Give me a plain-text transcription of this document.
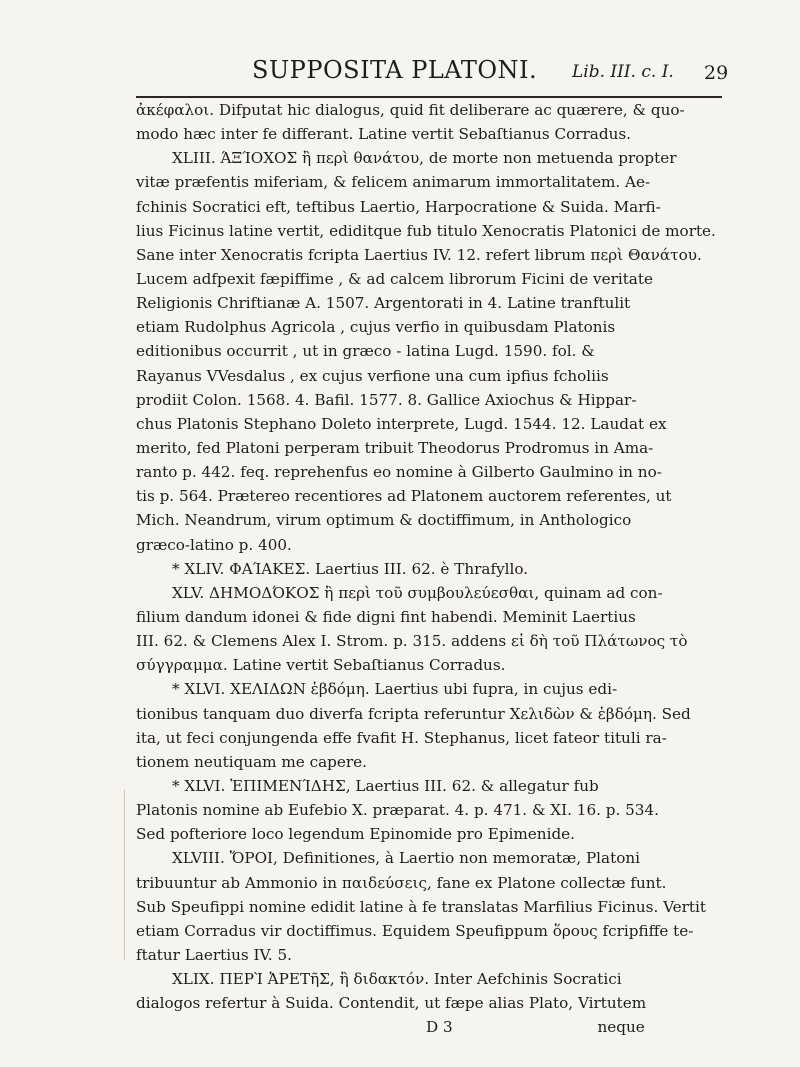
SUPPOSITA PLATONI. Lib. III. c. I. 29
ἀκέφαλοι. Difputat hic dialogus, quid fit deliberare ac quærere, & quo-
modo hæc inter fe differant. Latine vertit Sebaſtianus Corradus.
XLIII. ΆΞΊΟΧΟΣ ἢ περὶ θανάτου, de morte non metuenda propter
vitæ præfentis miferiam, & felicem animarum immortalitatem. Ae-
fchinis Socratici eft, teftibus Laertio, Harpocratione & Suida. Marfi-
lius Ficinus latine vertit, ediditque fub titulo Xenocratis Platonici de morte.
Sane inter Xenocratis fcripta Laertius IV. 12. refert librum περὶ Θανάτου.
Lucem adfpexit fæpiffime , & ad calcem librorum Ficini de veritate
Religionis Chriftianæ A. 1507. Argentorati in 4. Latine tranftulit
etiam Rudolphus Agricola , cujus verfio in quibusdam Platonis
editionibus occurrit , ut in græco - latina Lugd. 1590. fol. &
Rayanus VVesdalus , ex cujus verfione una cum ipfius fcholiis
prodiit Colon. 1568. 4. Bafil. 1577. 8. Gallice Axiochus & Hippar-
chus Platonis Stephano Doleto interprete, Lugd. 1544. 12. Laudat ex
merito, fed Platoni perperam tribuit Theodorus Prodromus in Ama-
ranto p. 442. feq. reprehenfus eo nomine à Gilberto Gaulmino in no-
tis p. 564. Prætereo recentiores ad Platonem auctorem referentes, ut
Mich. Neandrum, virum optimum & doctiffimum, in Anthologico
græco-latino p. 400.
* XLIV. ΦΑΊΑΚΕΣ. Laertius III. 62. è Thrafyllo.
XLV. ΔΗΜΟΔΌΚΟΣ ἢ περὶ τοῦ συμβουλεύεσθαι, quinam ad con-
filium dandum idonei & fide digni fint habendi. Meminit Laertius
III. 62. & Clemens Alex I. Strom. p. 315. addens εἰ δὴ τοῦ Πλάτωνος τὸ
σύγγραμμα. Latine vertit Sebaſtianus Corradus.
* XLVI. ΧΕΛΙΔΩΝ ἑβδόμη. Laertius ubi fupra, in cujus edi-
tionibus tanquam duo diverfa fcripta referuntur Χελιδὼν & ἑβδόμη. Sed
ita, ut feci conjungenda effe fvafit H. Stephanus, licet fateor tituli ra-
tionem neutiquam me capere.
* XLVI. ἘΠΙΜΕΝΊΔΗΣ, Laertius III. 62. & allegatur fub
Platonis nomine ab Eufebio X. præparat. 4. p. 471. & XI. 16. p. 534.
Sed pofteriore loco legendum Epinomide pro Epimenide.
XLVIII. ὍΡΟΙ, Definitiones, à Laertio non memoratæ, Platoni
tribuuntur ab Ammonio in παιδεύσεις, fane ex Platone collectæ funt.
Sub Speufippi nomine edidit latine à fe translatas Marfilius Ficinus. Vertit
etiam Corradus vir doctiffimus. Equidem Speufippum ὅρους fcripfiffe te-
ftatur Laertius IV. 5.
XLIX. ΠΕΡῚ ἈΡΕΤῆΣ, ἢ διδακτόν. Inter Aefchinis Socratici
dialogos refertur à Suida. Contendit, ut fæpe alias Plato, Virtutem
D 3                              neque
